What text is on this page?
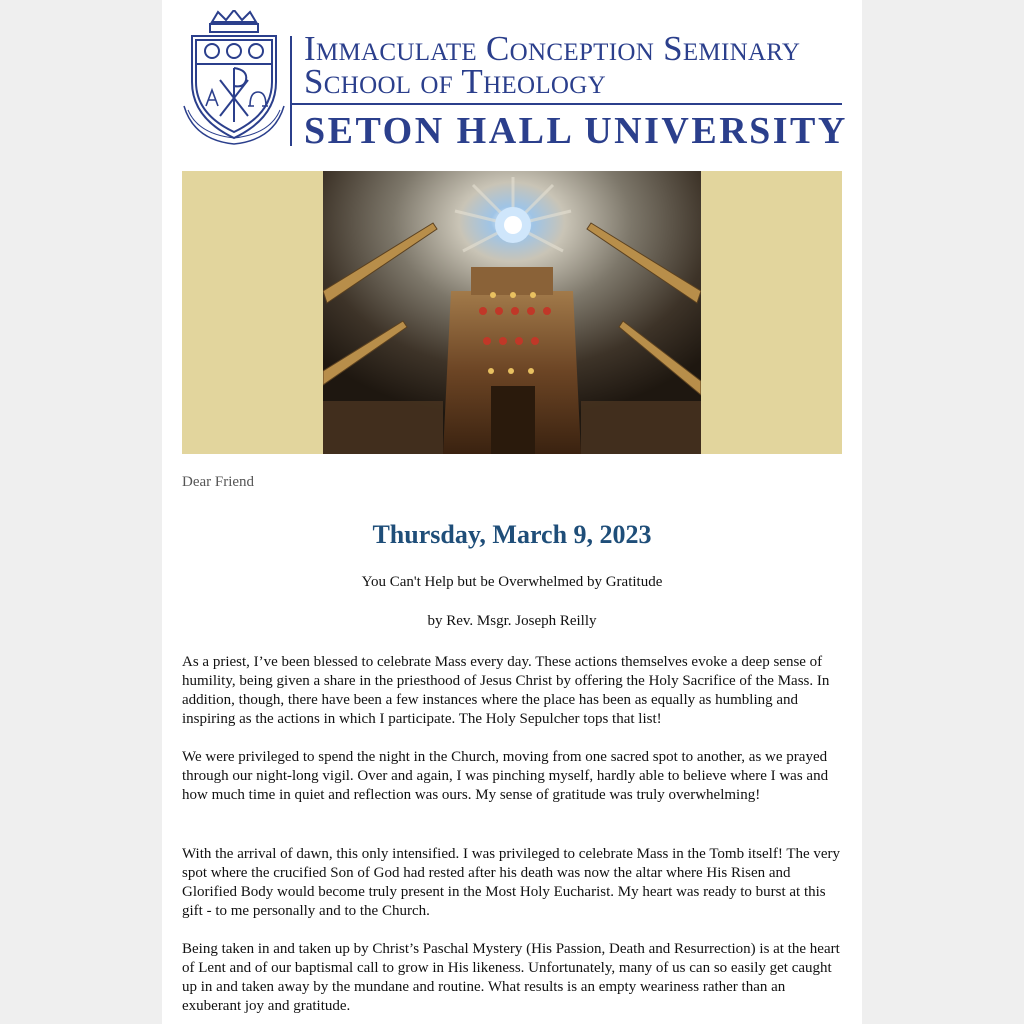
Immaculate Conception Seminary
School of Theology
SETON HALL UNIVERSITY
Dear Friend
Thursday, March 9, 2023
You Can't Help but be Overwhelmed by Gratitude
by Rev. Msgr. Joseph Reilly

As a priest, I’ve been blessed to celebrate Mass every day. These actions themselves evoke a deep sense of humility, being given a share in the priesthood of Jesus Christ by offering the Holy Sacrifice of the Mass. In addition, though, there have been a few instances where the place has been as equally as humbling and inspiring as the actions in which I participate. The Holy Sepulcher tops that list!

We were privileged to spend the night in the Church, moving from one sacred spot to another, as we prayed through our night-long vigil. Over and again, I was pinching myself, hardly able to believe where I was and how much time in quiet and reflection was ours. My sense of gratitude was truly overwhelming!

With the arrival of dawn, this only intensified. I was privileged to celebrate Mass in the Tomb itself! The very spot where the crucified Son of God had rested after his death was now the altar where His Risen and Glorified Body would become truly present in the Most Holy Eucharist. My heart was ready to burst at this gift - to me personally and to the Church.

Being taken in and taken up by Christ’s Paschal Mystery (His Passion, Death and Resurrection) is at the heart of Lent and of our baptismal call to grow in His likeness. Unfortunately, many of us can so easily get caught up in and taken away by the mundane and routine. What results is an empty weariness rather than an exuberant joy and gratitude.
